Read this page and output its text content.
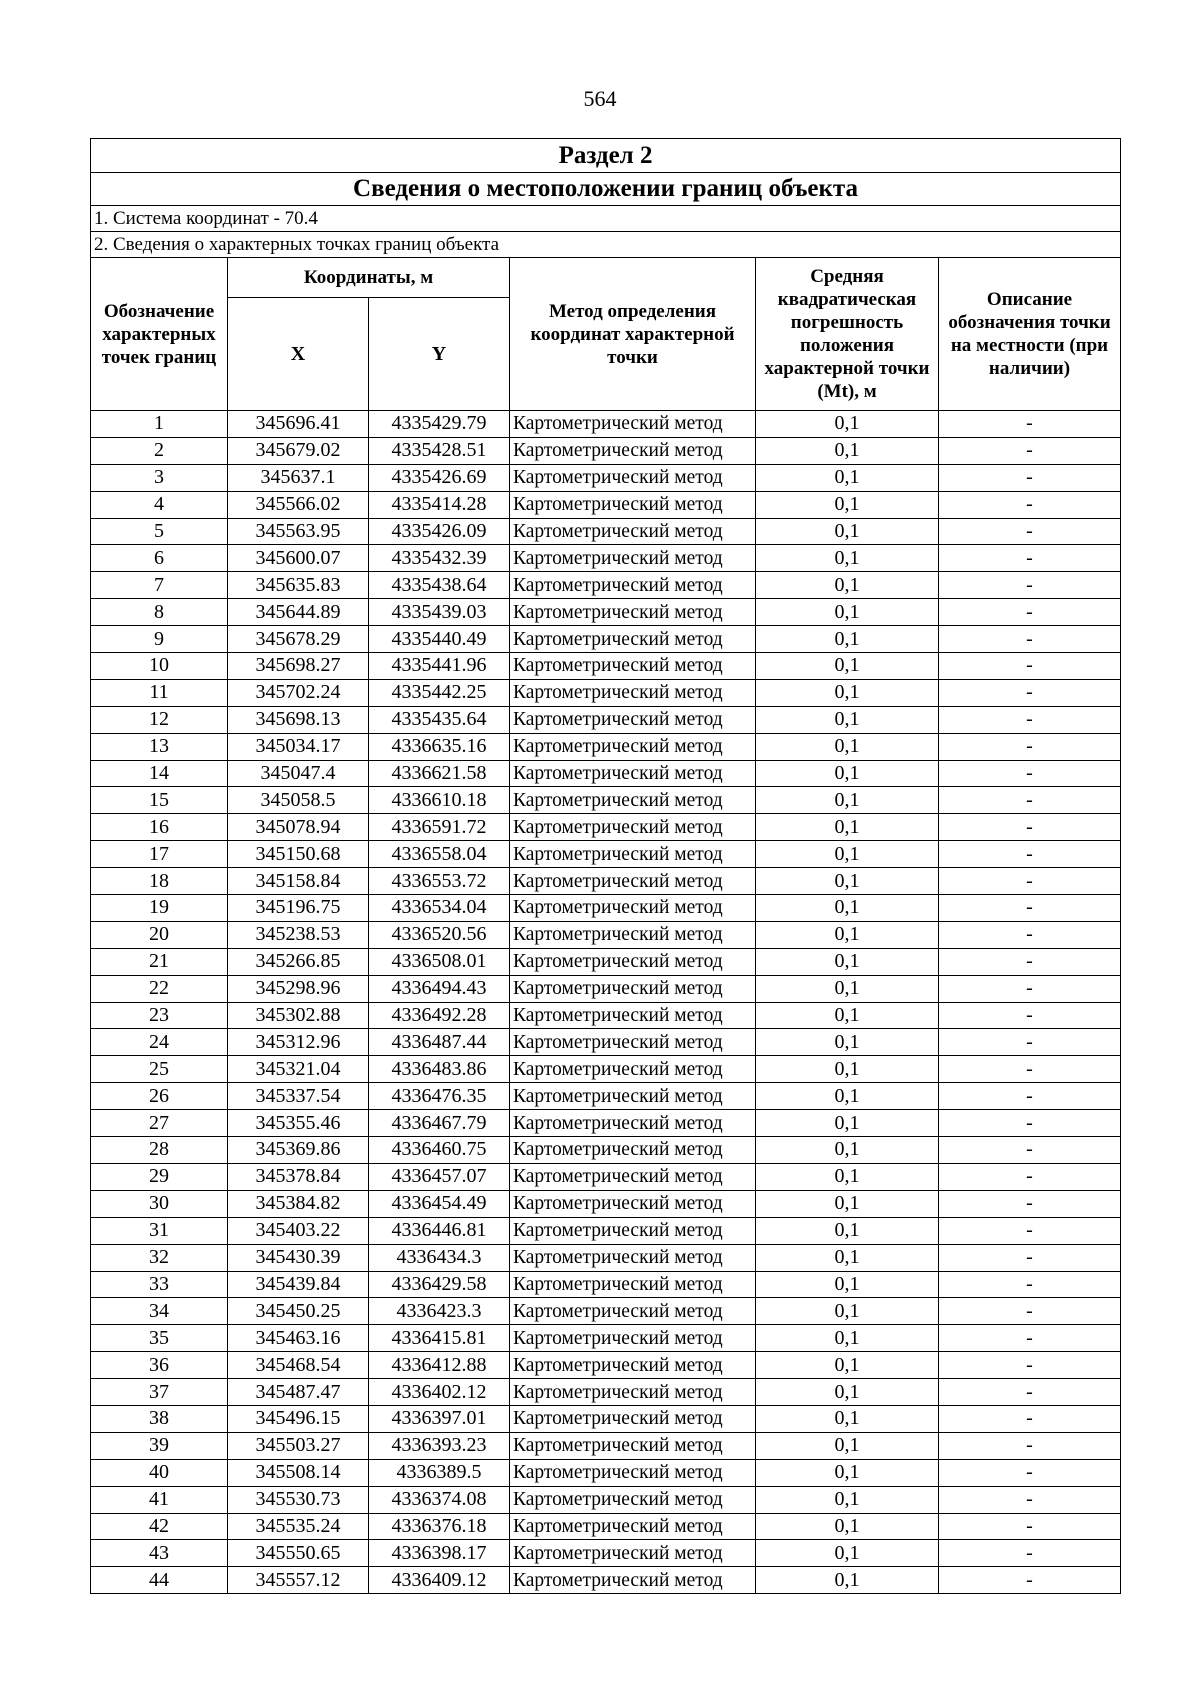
564
Раздел 2					
Сведения о местоположении границ объекта					
1. Система координат - 70.4					
2. Сведения о характерных точках границ объекта					
Обозначение характерных точек границ	Координаты, м		Метод определения координат характерной точки	Средняя квадратическая погрешность положения характерной точки (Mt), м	Описание обозначения точки на местности (при наличии)
	X	Y			
1	345696.41	4335429.79	Картометрический метод	0,1	-
2	345679.02	4335428.51	Картометрический метод	0,1	-
3	345637.1	4335426.69	Картометрический метод	0,1	-
4	345566.02	4335414.28	Картометрический метод	0,1	-
5	345563.95	4335426.09	Картометрический метод	0,1	-
6	345600.07	4335432.39	Картометрический метод	0,1	-
7	345635.83	4335438.64	Картометрический метод	0,1	-
8	345644.89	4335439.03	Картометрический метод	0,1	-
9	345678.29	4335440.49	Картометрический метод	0,1	-
10	345698.27	4335441.96	Картометрический метод	0,1	-
11	345702.24	4335442.25	Картометрический метод	0,1	-
12	345698.13	4335435.64	Картометрический метод	0,1	-
13	345034.17	4336635.16	Картометрический метод	0,1	-
14	345047.4	4336621.58	Картометрический метод	0,1	-
15	345058.5	4336610.18	Картометрический метод	0,1	-
16	345078.94	4336591.72	Картометрический метод	0,1	-
17	345150.68	4336558.04	Картометрический метод	0,1	-
18	345158.84	4336553.72	Картометрический метод	0,1	-
19	345196.75	4336534.04	Картометрический метод	0,1	-
20	345238.53	4336520.56	Картометрический метод	0,1	-
21	345266.85	4336508.01	Картометрический метод	0,1	-
22	345298.96	4336494.43	Картометрический метод	0,1	-
23	345302.88	4336492.28	Картометрический метод	0,1	-
24	345312.96	4336487.44	Картометрический метод	0,1	-
25	345321.04	4336483.86	Картометрический метод	0,1	-
26	345337.54	4336476.35	Картометрический метод	0,1	-
27	345355.46	4336467.79	Картометрический метод	0,1	-
28	345369.86	4336460.75	Картометрический метод	0,1	-
29	345378.84	4336457.07	Картометрический метод	0,1	-
30	345384.82	4336454.49	Картометрический метод	0,1	-
31	345403.22	4336446.81	Картометрический метод	0,1	-
32	345430.39	4336434.3	Картометрический метод	0,1	-
33	345439.84	4336429.58	Картометрический метод	0,1	-
34	345450.25	4336423.3	Картометрический метод	0,1	-
35	345463.16	4336415.81	Картометрический метод	0,1	-
36	345468.54	4336412.88	Картометрический метод	0,1	-
37	345487.47	4336402.12	Картометрический метод	0,1	-
38	345496.15	4336397.01	Картометрический метод	0,1	-
39	345503.27	4336393.23	Картометрический метод	0,1	-
40	345508.14	4336389.5	Картометрический метод	0,1	-
41	345530.73	4336374.08	Картометрический метод	0,1	-
42	345535.24	4336376.18	Картометрический метод	0,1	-
43	345550.65	4336398.17	Картометрический метод	0,1	-
44	345557.12	4336409.12	Картометрический метод	0,1	-
